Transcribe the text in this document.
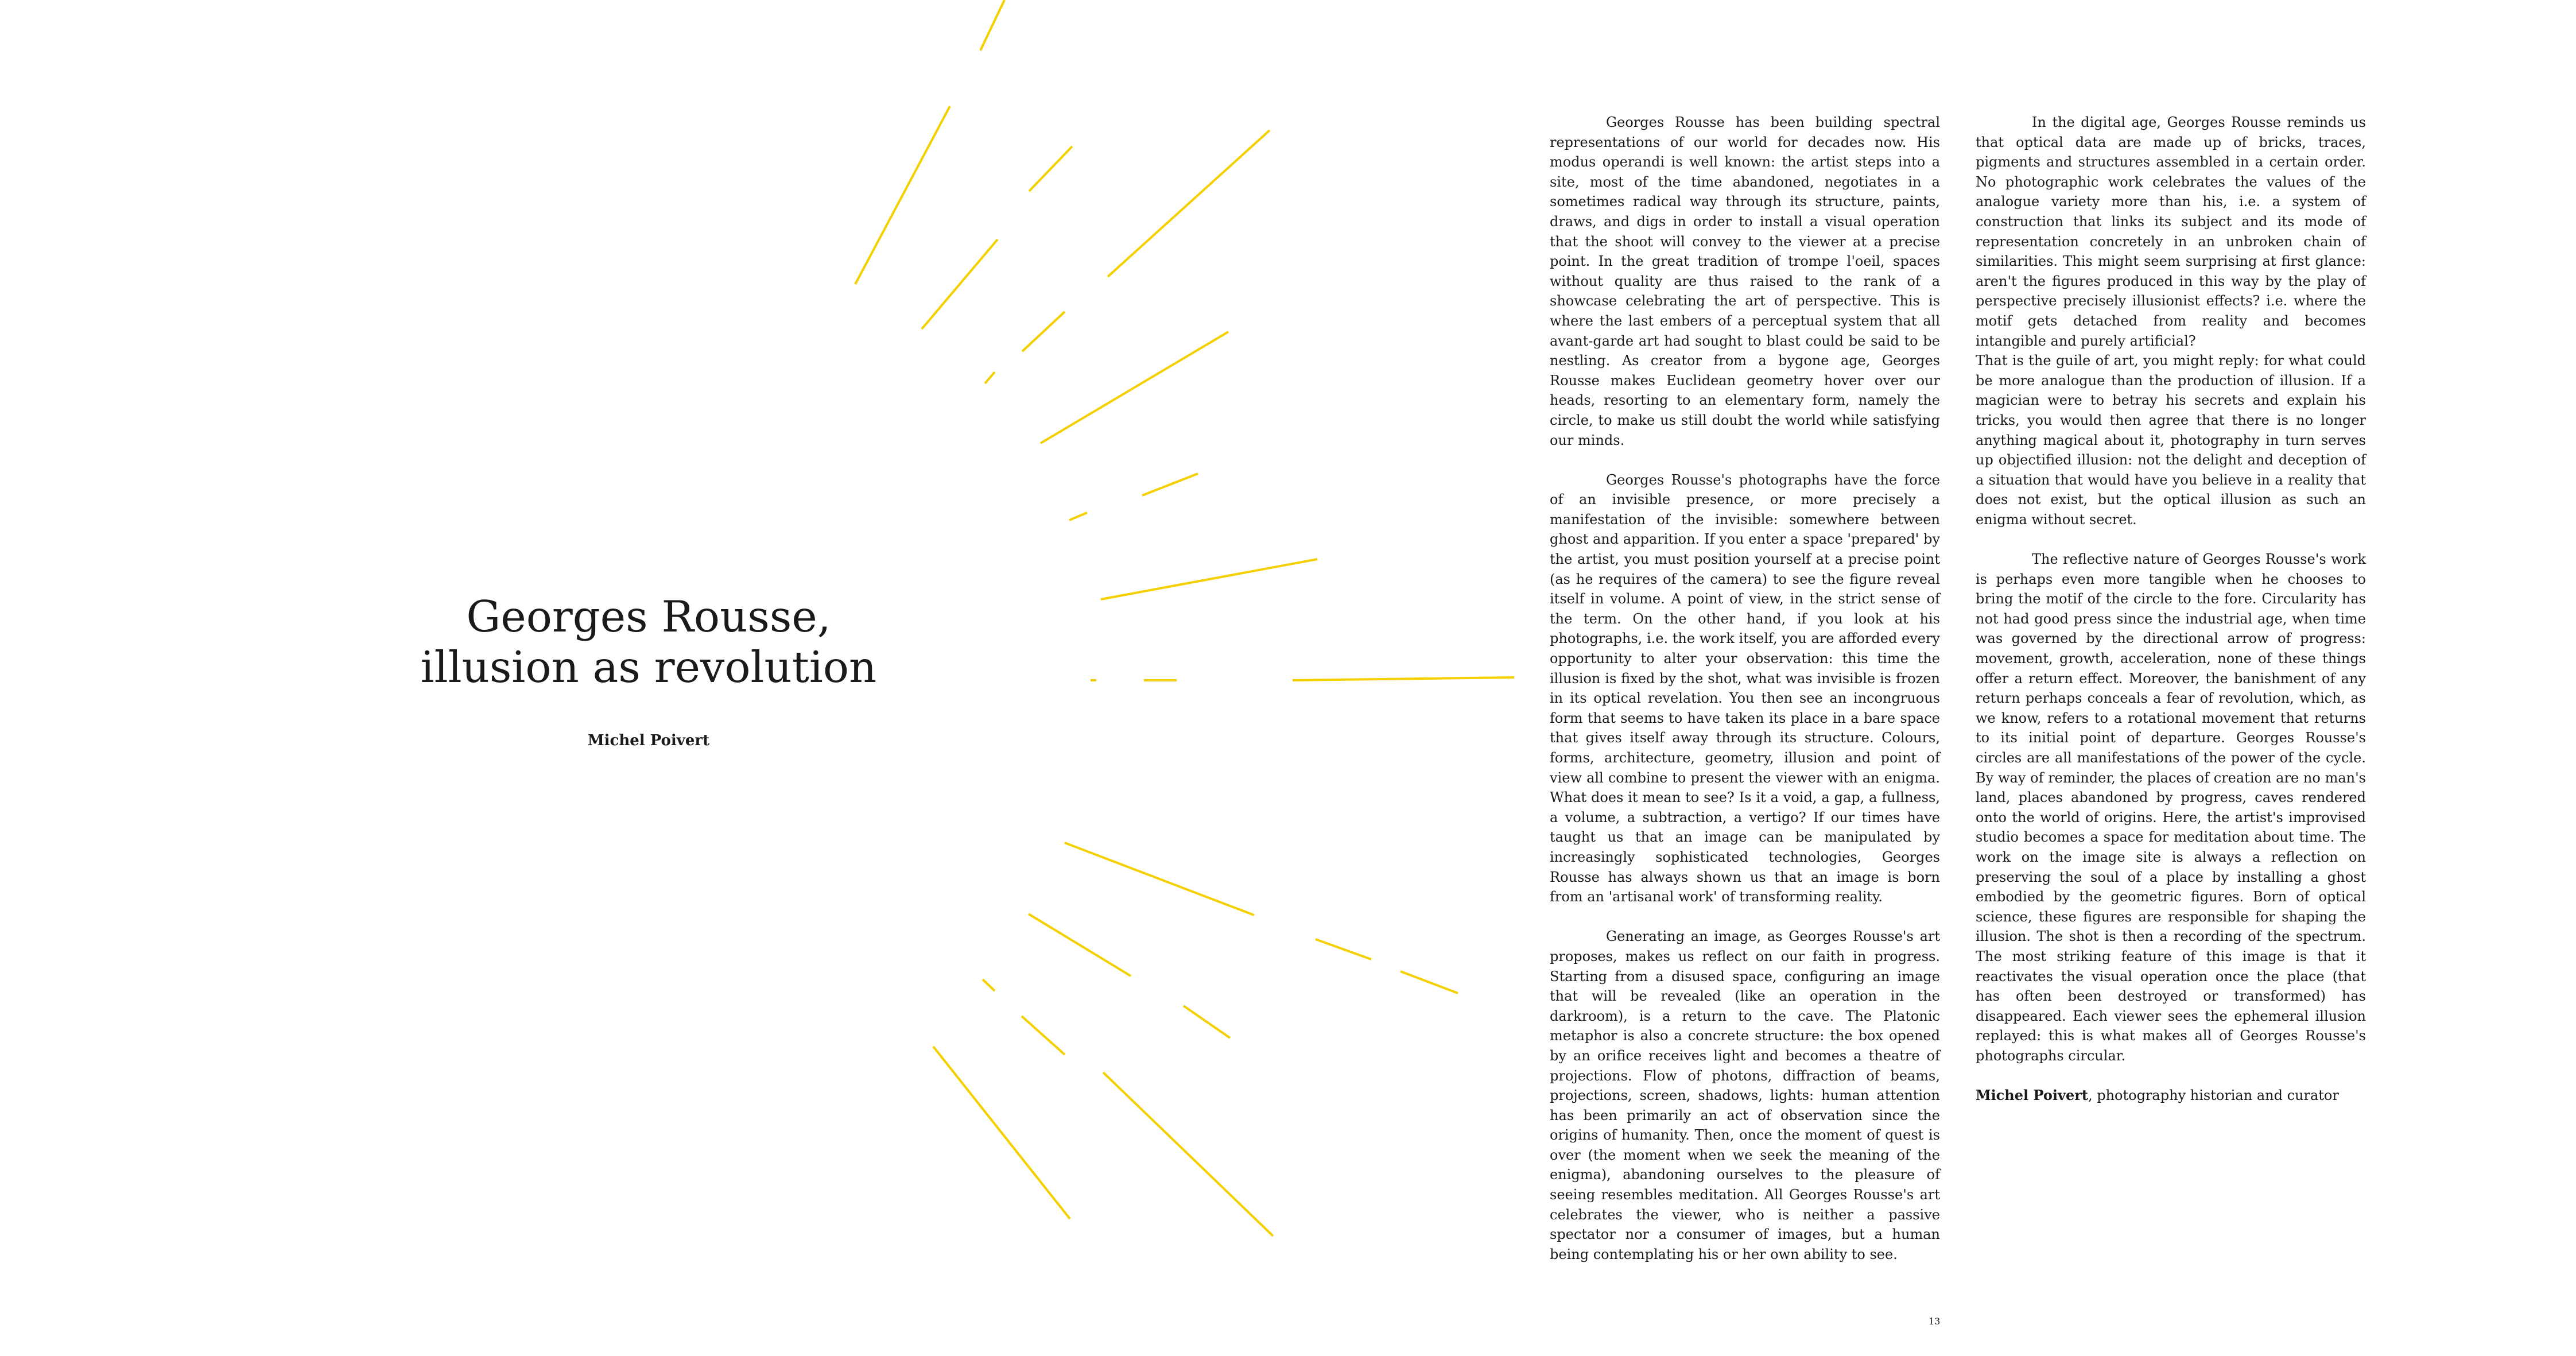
Georges Rousse,
illusion as revolution
Michel Poivert

Georges Rousse has been building spectral representations of our world for decades now. His modus operandi is well known: the artist steps into a site, most of the time abandoned, negotiates in a sometimes radical way through its structure, paints, draws, and digs in order to install a visual operation that the shoot will convey to the viewer at a precise point. In the great tradition of trompe l'oeil, spaces without quality are thus raised to the rank of a showcase celebrating the art of perspective. This is where the last embers of a perceptual system that all avant-garde art had sought to blast could be said to be nestling. As creator from a bygone age, Georges Rousse makes Euclidean geometry hover over our heads, resorting to an elementary form, namely the circle, to make us still doubt the world while satisfying our minds.

Georges Rousse's photographs have the force of an invisible presence, or more precisely a manifestation of the invisible: somewhere between ghost and apparition. If you enter a space 'prepared' by the artist, you must position yourself at a precise point (as he requires of the camera) to see the figure reveal itself in volume. A point of view, in the strict sense of the term. On the other hand, if you look at his photographs, i.e. the work itself, you are afforded every opportunity to alter your observation: this time the illusion is fixed by the shot, what was invisible is frozen in its optical revelation. You then see an incongruous form that seems to have taken its place in a bare space that gives itself away through its structure. Colours, forms, architecture, geometry, illusion and point of view all combine to present the viewer with an enigma. What does it mean to see? Is it a void, a gap, a fullness, a volume, a subtraction, a vertigo? If our times have taught us that an image can be manipulated by increasingly sophisticated technologies, Georges Rousse has always shown us that an image is born from an 'artisanal work' of transforming reality.

Generating an image, as Georges Rousse's art proposes, makes us reflect on our faith in progress. Starting from a disused space, configuring an image that will be revealed (like an operation in the darkroom), is a return to the cave. The Platonic metaphor is also a concrete structure: the box opened by an orifice receives light and becomes a theatre of projections. Flow of photons, diffraction of beams, projections, screen, shadows, lights: human attention has been primarily an act of observation since the origins of humanity. Then, once the moment of quest is over (the moment when we seek the meaning of the enigma), abandoning ourselves to the pleasure of seeing resembles meditation. All Georges Rousse's art celebrates the viewer, who is neither a passive spectator nor a consumer of images, but a human being contemplating his or her own ability to see.

In the digital age, Georges Rousse reminds us that optical data are made up of bricks, traces, pigments and structures assembled in a certain order. No photographic work celebrates the values of the analogue variety more than his, i.e. a system of construction that links its subject and its mode of representation concretely in an unbroken chain of similarities. This might seem surprising at first glance: aren't the figures produced in this way by the play of perspective precisely illusionist effects? i.e. where the motif gets detached from reality and becomes intangible and purely artificial?

That is the guile of art, you might reply: for what could be more analogue than the production of illusion. If a magician were to betray his secrets and explain his tricks, you would then agree that there is no longer anything magical about it, photography in turn serves up objectified illusion: not the delight and deception of a situation that would have you believe in a reality that does not exist, but the optical illusion as such an enigma without secret.

The reflective nature of Georges Rousse's work is perhaps even more tangible when he chooses to bring the motif of the circle to the fore. Circularity has not had good press since the industrial age, when time was governed by the directional arrow of progress: movement, growth, acceleration, none of these things offer a return effect. Moreover, the banishment of any return perhaps conceals a fear of revolution, which, as we know, refers to a rotational movement that returns to its initial point of departure. Georges Rousse's circles are all manifestations of the power of the cycle. By way of reminder, the places of creation are no man's land, places abandoned by progress, caves rendered onto the world of origins. Here, the artist's improvised studio becomes a space for meditation about time. The work on the image site is always a reflection on preserving the soul of a place by installing a ghost embodied by the geometric figures. Born of optical science, these figures are responsible for shaping the illusion. The shot is then a recording of the spectrum. The most striking feature of this image is that it reactivates the visual operation once the place (that has often been destroyed or transformed) has disappeared. Each viewer sees the ephemeral illusion replayed: this is what makes all of Georges Rousse's photographs circular.

Michel Poivert, photography historian and curator

13
